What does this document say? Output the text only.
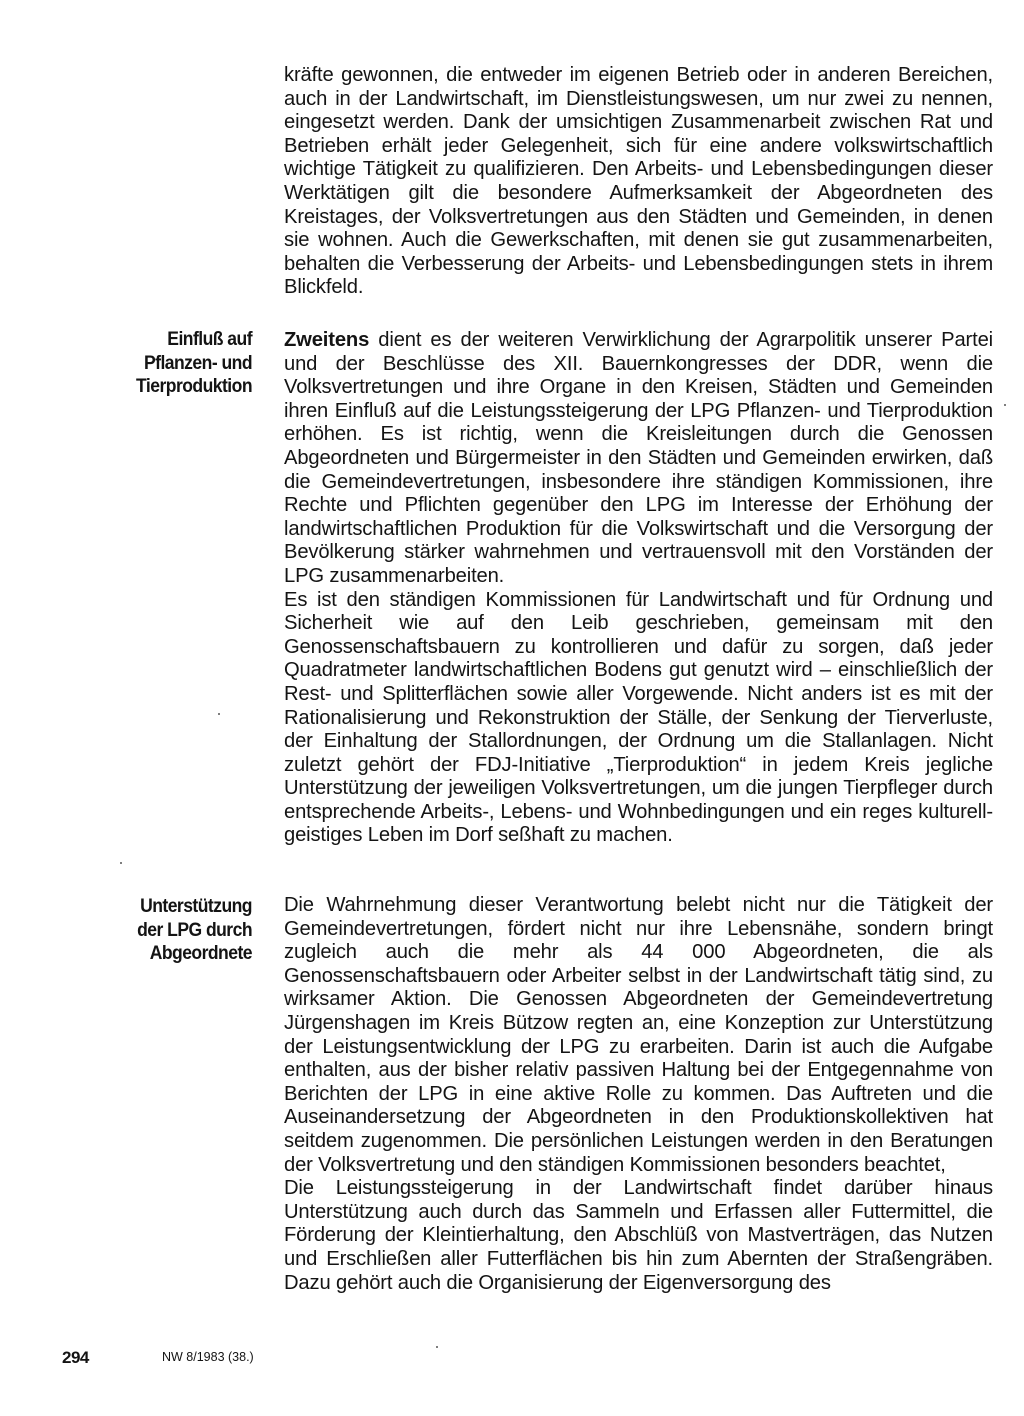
kräfte gewonnen, die entweder im eigenen Betrieb oder in anderen Bereichen, auch in der Landwirtschaft, im Dienstleistungswesen, um nur zwei zu nennen, eingesetzt werden. Dank der umsichtigen Zusammenarbeit zwischen Rat und Betrieben erhält jeder Gelegenheit, sich für eine andere volkswirtschaftlich wichtige Tätigkeit zu qualifizieren. Den Arbeits- und Lebensbedingungen dieser Werktätigen gilt die besondere Aufmerksamkeit der Abgeordneten des Kreistages, der Volksvertretungen aus den Städten und Gemeinden, in denen sie wohnen. Auch die Gewerkschaften, mit denen sie gut zusammenarbeiten, behalten die Verbesserung der Arbeits- und Lebensbedingungen stets in ihrem Blickfeld.

Einfluß auf
Pflanzen- und
Tierproduktion

Zweitens dient es der weiteren Verwirklichung der Agrarpolitik unserer Partei und der Beschlüsse des XII. Bauernkongresses der DDR, wenn die Volksvertretungen und ihre Organe in den Kreisen, Städten und Gemeinden ihren Einfluß auf die Leistungssteigerung der LPG Pflanzen- und Tierproduktion erhöhen. Es ist richtig, wenn die Kreisleitungen durch die Genossen Abgeordneten und Bürgermeister in den Städten und Gemeinden erwirken, daß die Gemeindevertretungen, insbesondere ihre ständigen Kommissionen, ihre Rechte und Pflichten gegenüber den LPG im Interesse der Erhöhung der landwirtschaftlichen Produktion für die Volkswirtschaft und die Versorgung der Bevölkerung stärker wahrnehmen und vertrauensvoll mit den Vorständen der LPG zusammenarbeiten.

Es ist den ständigen Kommissionen für Landwirtschaft und für Ordnung und Sicherheit wie auf den Leib geschrieben, gemeinsam mit den Genossenschaftsbauern zu kontrollieren und dafür zu sorgen, daß jeder Quadratmeter landwirtschaftlichen Bodens gut genutzt wird – einschließlich der Rest- und Splitterflächen sowie aller Vorgewende. Nicht anders ist es mit der Rationalisierung und Rekonstruktion der Ställe, der Senkung der Tierverluste, der Einhaltung der Stallordnungen, der Ordnung um die Stallanlagen. Nicht zuletzt gehört der FDJ-Initiative „Tierproduktion“ in jedem Kreis jegliche Unterstützung der jeweiligen Volksvertretungen, um die jungen Tierpfleger durch entsprechende Arbeits-, Lebens- und Wohnbedingungen und ein reges kulturell-geistiges Leben im Dorf seßhaft zu machen.

Unterstützung
der LPG durch
Abgeordnete

Die Wahrnehmung dieser Verantwortung belebt nicht nur die Tätigkeit der Gemeindevertretungen, fördert nicht nur ihre Lebensnähe, sondern bringt zugleich auch die mehr als 44 000 Abgeordneten, die als Genossenschaftsbauern oder Arbeiter selbst in der Landwirtschaft tätig sind, zu wirksamer Aktion. Die Genossen Abgeordneten der Gemeindevertretung Jürgenshagen im Kreis Bützow regten an, eine Konzeption zur Unterstützung der Leistungsentwicklung der LPG zu erarbeiten. Darin ist auch die Aufgabe enthalten, aus der bisher relativ passiven Haltung bei der Entgegennahme von Berichten der LPG in eine aktive Rolle zu kommen. Das Auftreten und die Auseinandersetzung der Abgeordneten in den Produktionskollektiven hat seitdem zugenommen. Die persönlichen Leistungen werden in den Beratungen der Volksvertretung und den ständigen Kommissionen besonders beachtet,

Die Leistungssteigerung in der Landwirtschaft findet darüber hinaus Unterstützung auch durch das Sammeln und Erfassen aller Futtermittel, die Förderung der Kleintierhaltung, den Abschlüß von Mastverträgen, das Nutzen und Erschließen aller Futterflächen bis hin zum Abernten der Straßengräben. Dazu gehört auch die Organisierung der Eigenversorgung des

294	NW 8/1983 (38.)
